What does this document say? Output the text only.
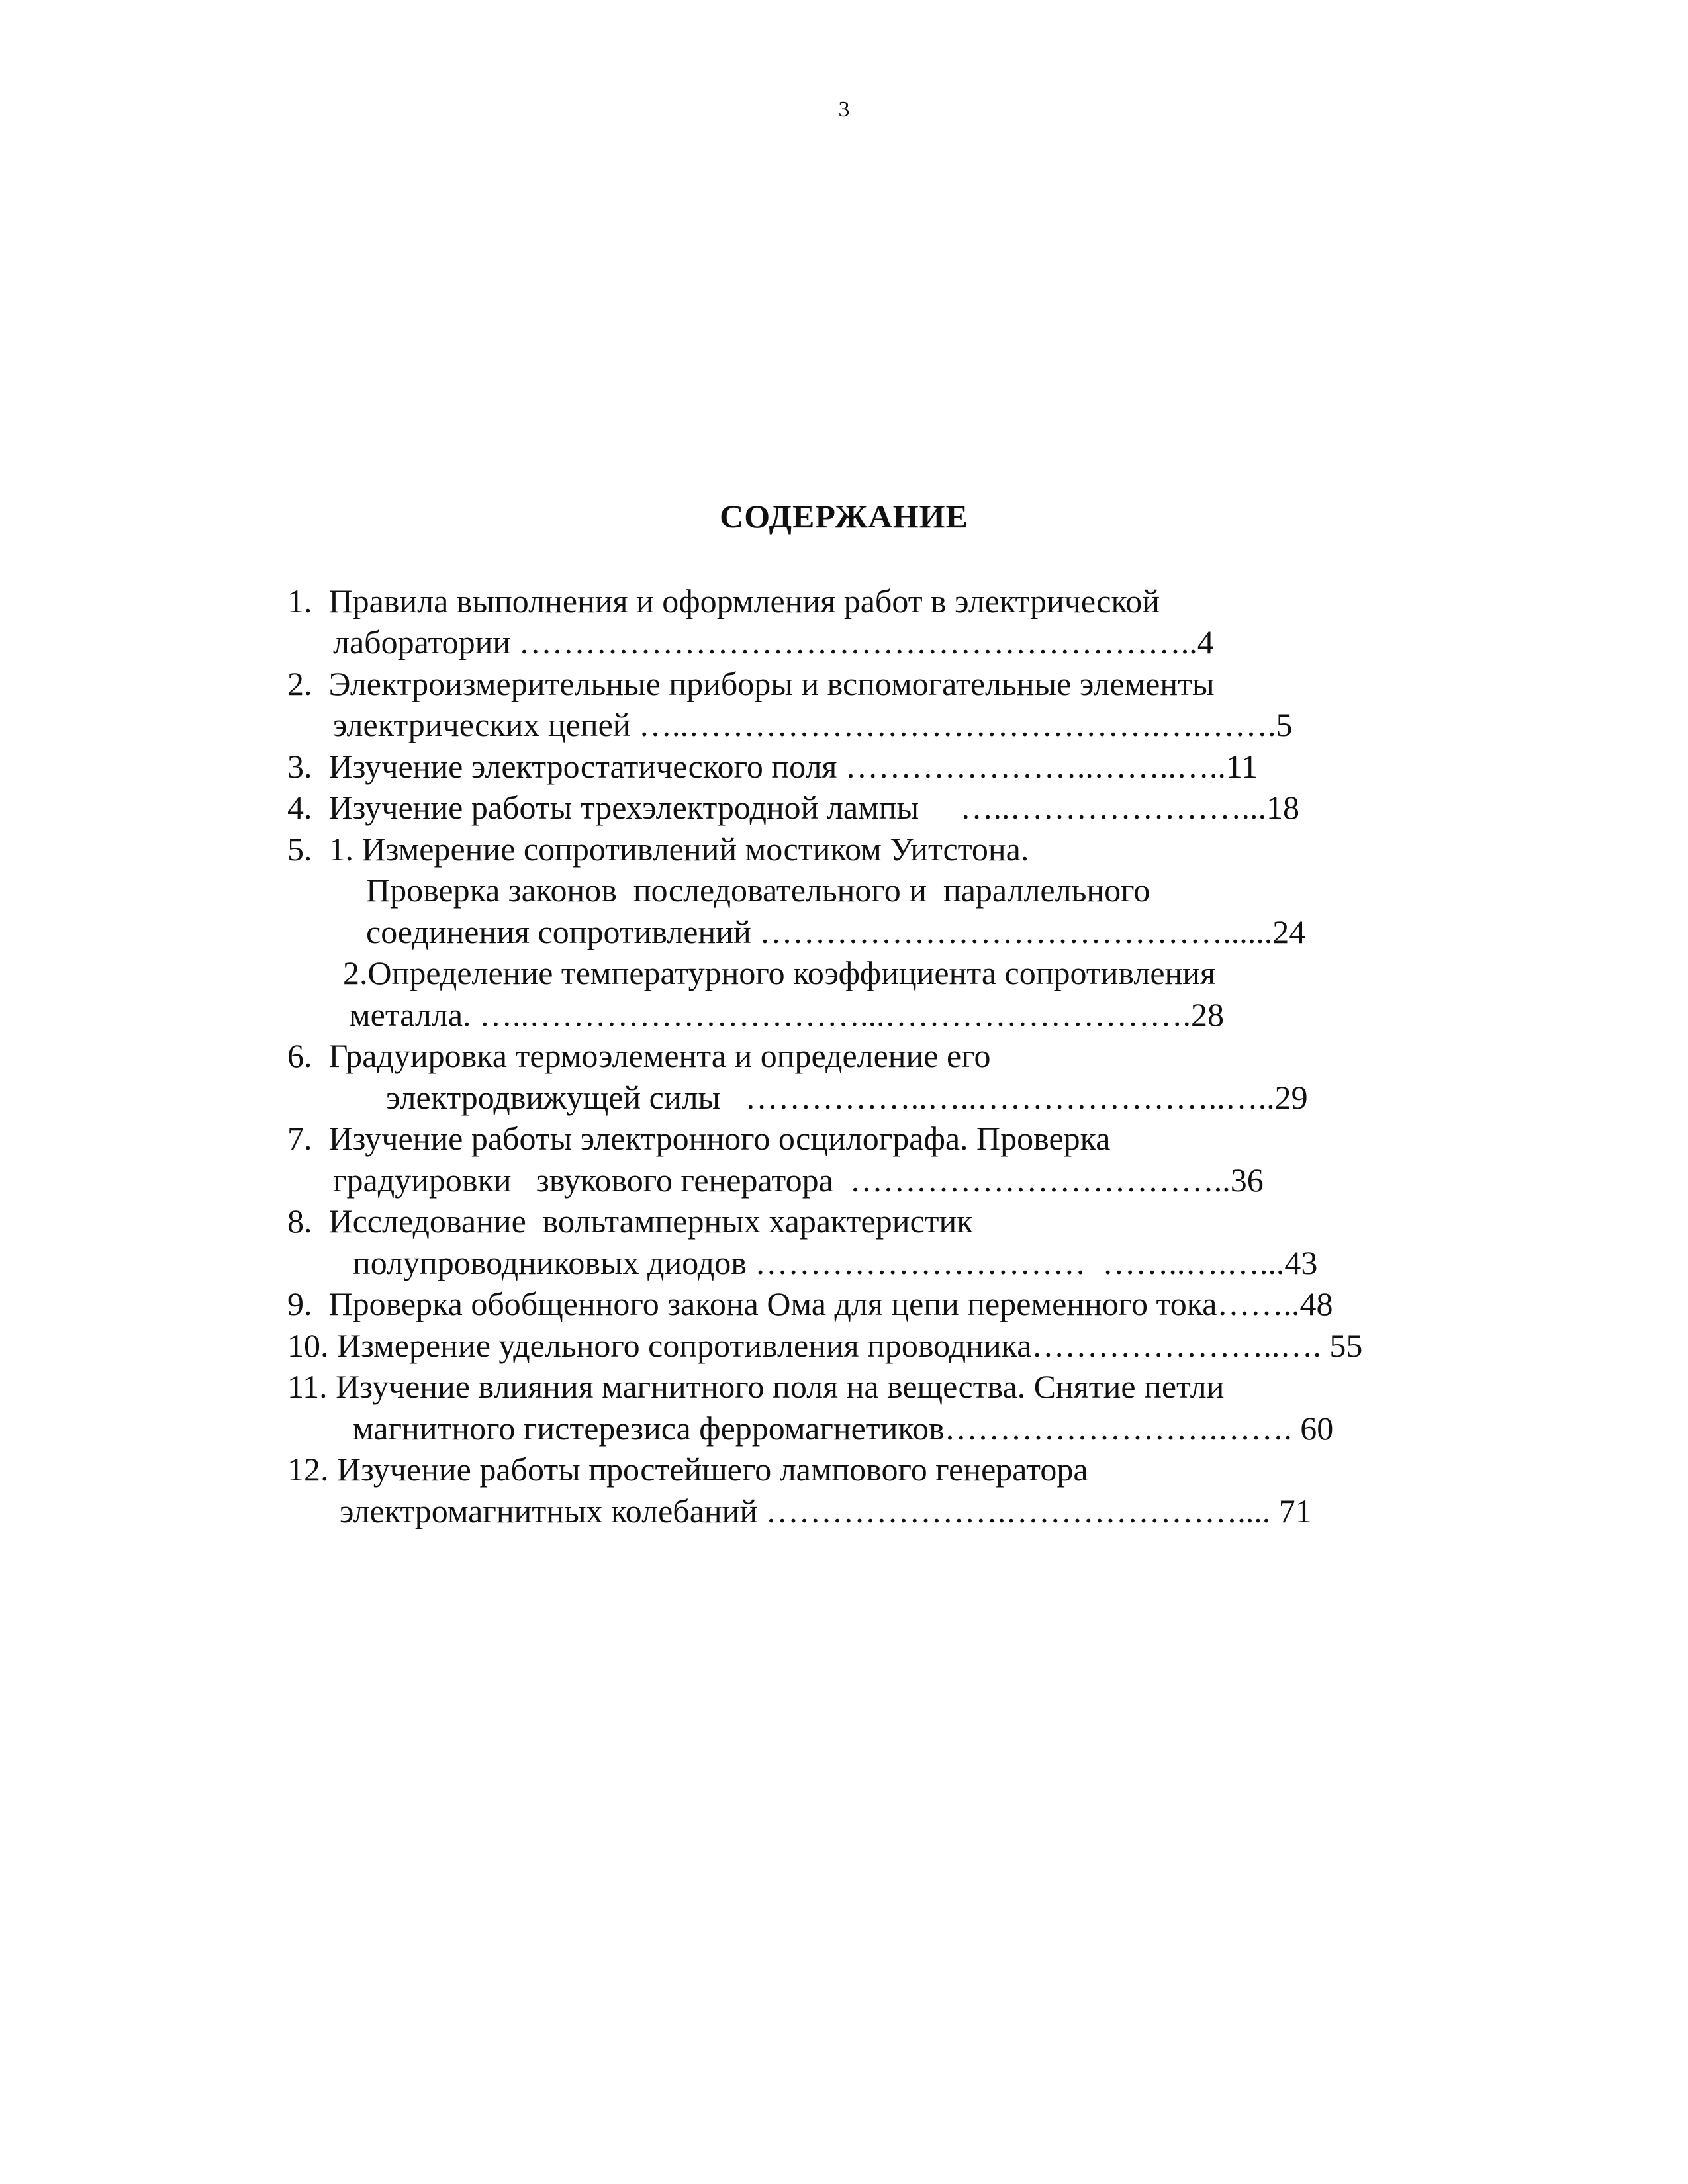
3
СОДЕРЖАНИЕ
1.  Правила выполнения и оформления работ в электрической
лаборатории ……………………………………………………..4
2.  Электроизмерительные приборы и вспомогательные элементы
электрических цепей …..…………………………………….….…….5
3.  Изучение электростатического поля …………………..……..…..11
4.  Изучение работы трехэлектродной лампы     …..…………………...18
5.  1. Измерение сопротивлений мостиком Уитстона.
Проверка законов  последовательного и  параллельного
соединения сопротивлений ……………………………………......24
2.Определение температурного коэффициента сопротивления
металла. …..…………………………...……………………….28
6.  Градуировка термоэлемента и определение его
электродвижущей силы   ……………..…..…………………..…..29
7.  Изучение работы электронного осцилографа. Проверка
градуировки   звукового генератора  ……………………………..36
8.  Исследование  вольтамперных характеристик
полупроводниковых диодов …………………………  ……..….…...43
9.  Проверка обобщенного закона Ома для цепи переменного тока……..48
10. Измерение удельного сопротивления проводника…………………..…. 55
11. Изучение влияния магнитного поля на вещества. Снятие петли
магнитного гистерезиса ферромагнетиков…………………….……. 60
12. Изучение работы простейшего лампового генератора
электромагнитных колебаний ………………….………………….... 71
